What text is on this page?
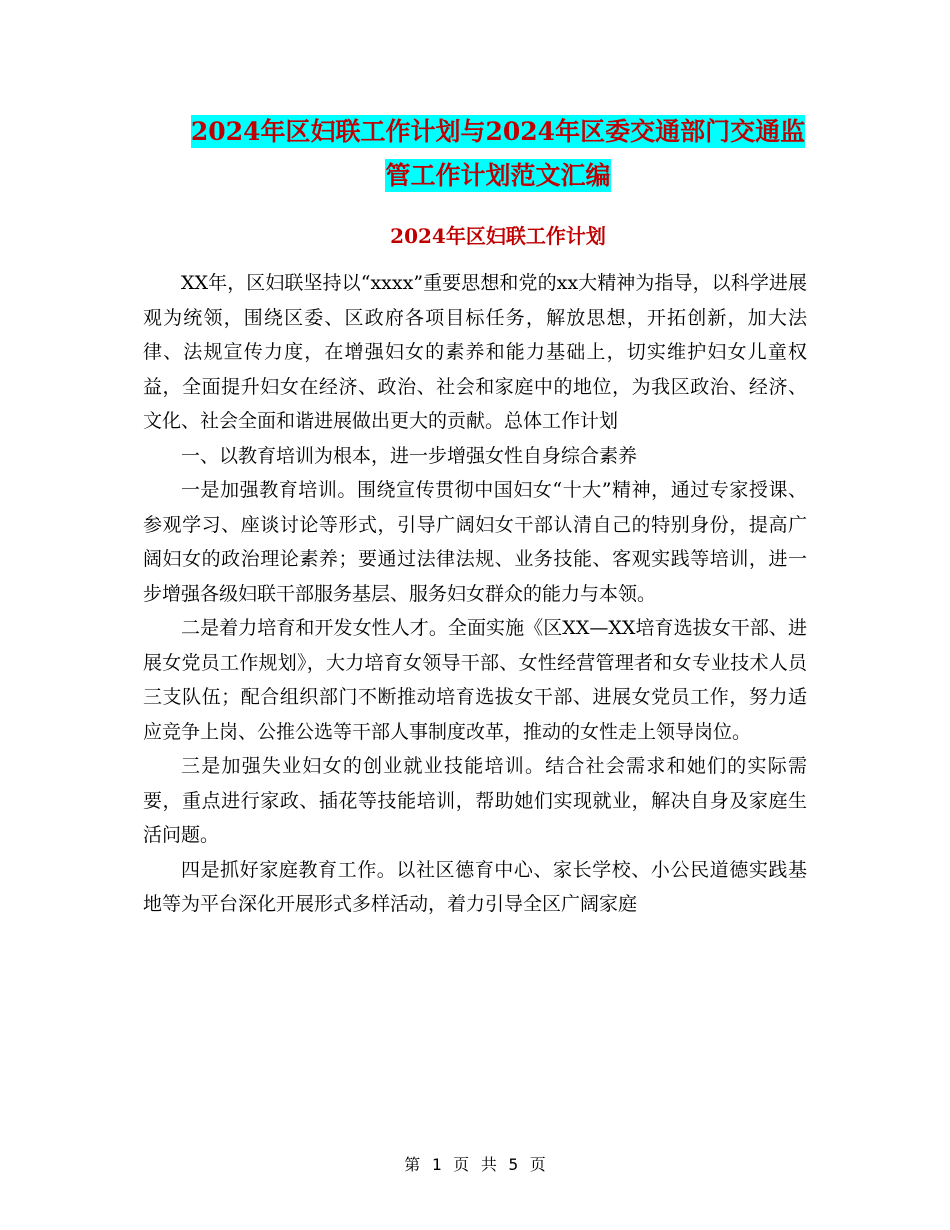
2024年区妇联工作计划与2024年区委交通部门交通监
管工作计划范文汇编
2024年区妇联工作计划

XX年，区妇联坚持以“xxxx”重要思想和党的xx大精神为指导，以科学进展观为统领，围绕区委、区政府各项目标任务，解放思想，开拓创新，加大法律、法规宣传力度，在增强妇女的素养和能力基础上，切实维护妇女儿童权益，全面提升妇女在经济、政治、社会和家庭中的地位，为我区政治、经济、文化、社会全面和谐进展做出更大的贡献。总体工作计划

一、以教育培训为根本，进一步增强女性自身综合素养

一是加强教育培训。围绕宣传贯彻中国妇女“十大”精神，通过专家授课、参观学习、座谈讨论等形式，引导广阔妇女干部认清自己的特别身份，提高广阔妇女的政治理论素养；要通过法律法规、业务技能、客观实践等培训，进一步增强各级妇联干部服务基层、服务妇女群众的能力与本领。

二是着力培育和开发女性人才。全面实施《区XX—XX培育选拔女干部、进展女党员工作规划》，大力培育女领导干部、女性经营管理者和女专业技术人员三支队伍；配合组织部门不断推动培育选拔女干部、进展女党员工作，努力适应竞争上岗、公推公选等干部人事制度改革，推动的女性走上领导岗位。

三是加强失业妇女的创业就业技能培训。结合社会需求和她们的实际需要，重点进行家政、插花等技能培训，帮助她们实现就业，解决自身及家庭生活问题。

四是抓好家庭教育工作。以社区德育中心、家长学校、小公民道德实践基地等为平台深化开展形式多样活动，着力引导全区广阔家庭

第 1 页 共 5 页
